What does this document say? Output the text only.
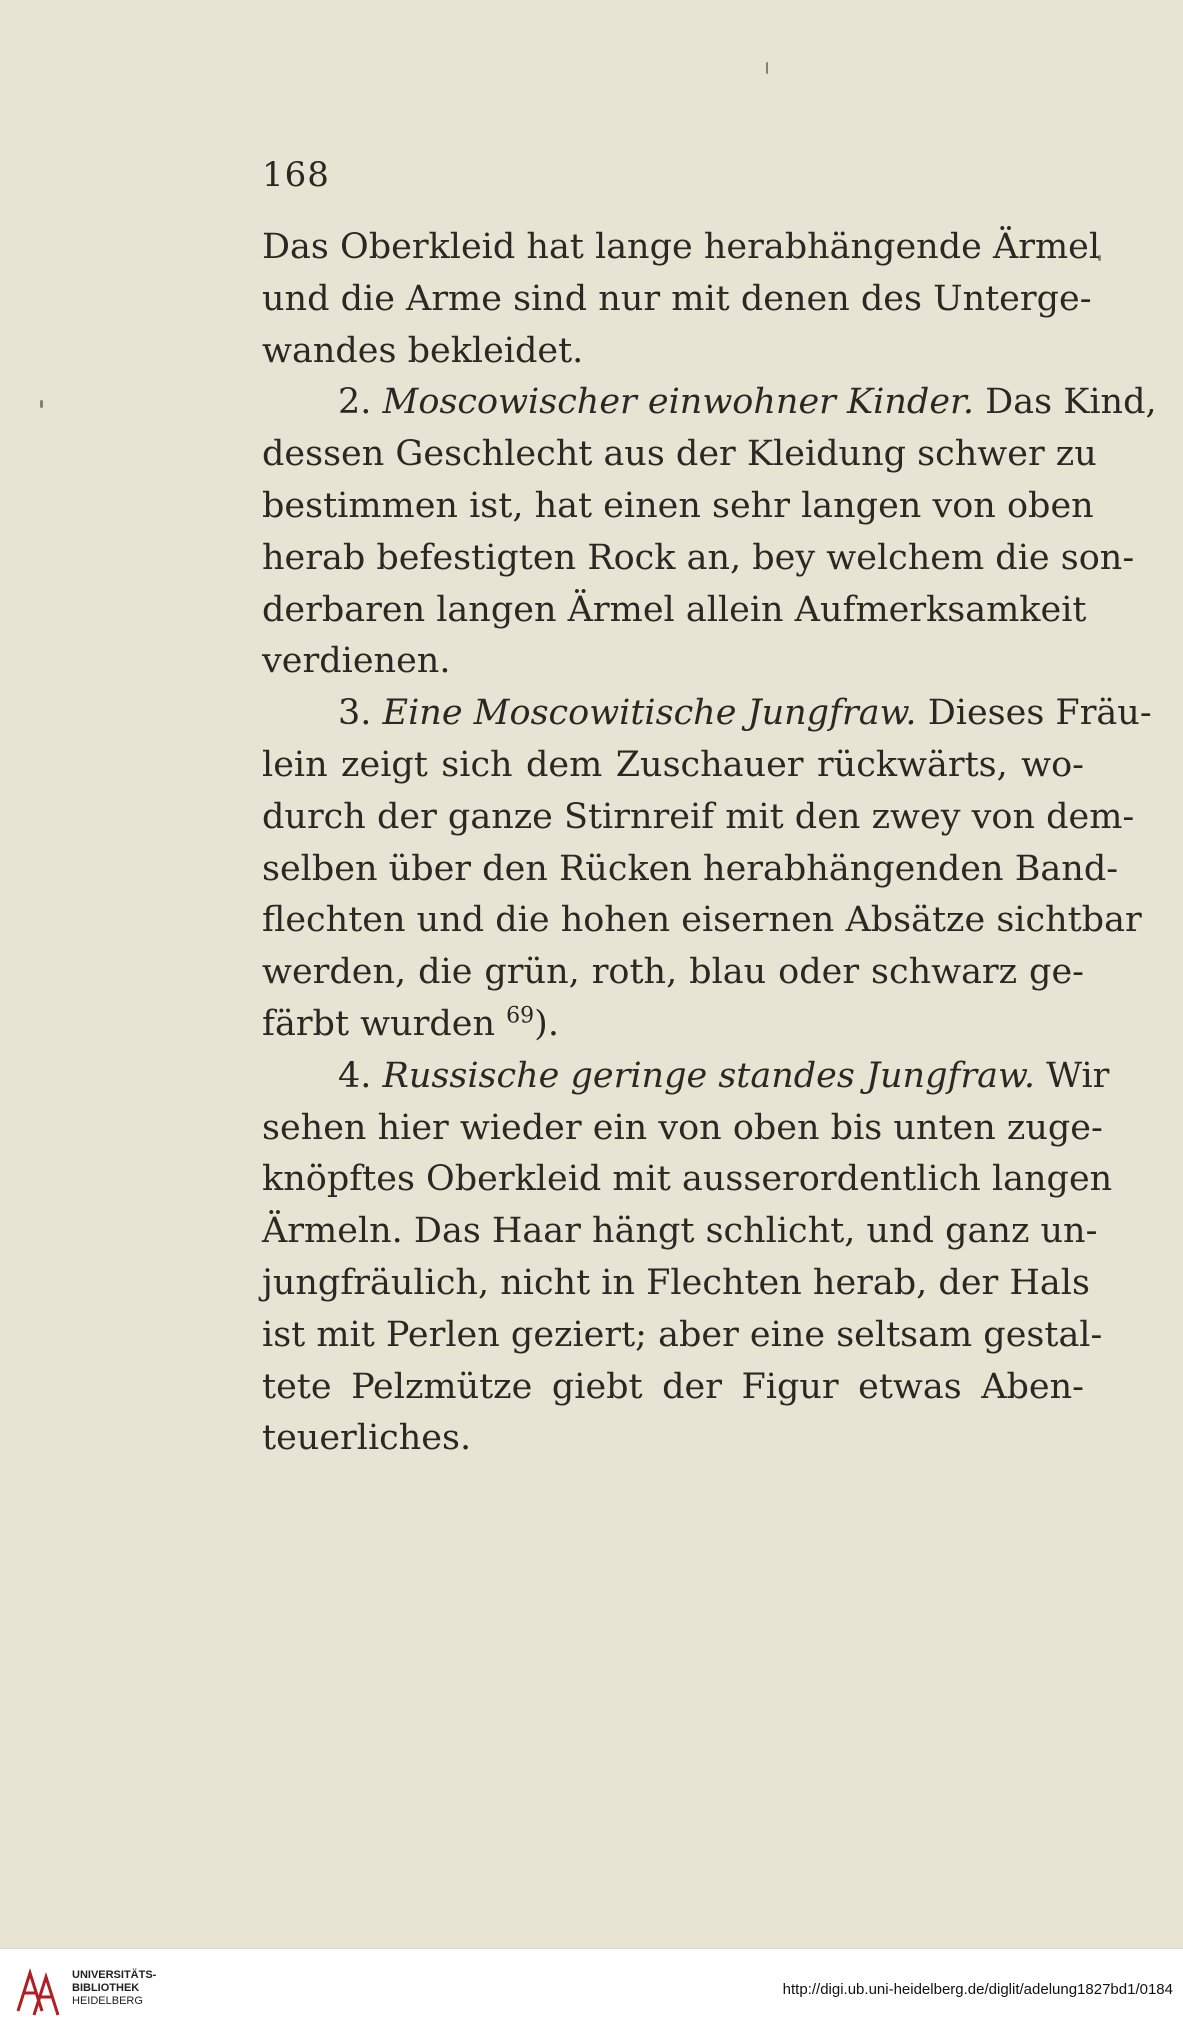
168
Das Oberkleid hat lange herabhängende Ärmel
und die Arme sind nur mit denen des Unterge-
wandes bekleidet.
2. Moscowischer einwohner Kinder. Das Kind,
dessen Geschlecht aus der Kleidung schwer zu
bestimmen ist, hat einen sehr langen von oben
herab befestigten Rock an, bey welchem die son-
derbaren langen Ärmel allein Aufmerksamkeit
verdienen.
3. Eine Moscowitische Jungfraw. Dieses Fräu-
lein zeigt sich dem Zuschauer rückwärts, wo-
durch der ganze Stirnreif mit den zwey von dem-
selben über den Rücken herabhängenden Band-
flechten und die hohen eisernen Absätze sichtbar
werden, die grün, roth, blau oder schwarz ge-
färbt wurden $^{69}$).
4. Russische geringe standes Jungfraw. Wir
sehen hier wieder ein von oben bis unten zuge-
knöpftes Oberkleid mit ausserordentlich langen
Ärmeln. Das Haar hängt schlicht, und ganz un-
jungfräulich, nicht in Flechten herab, der Hals
ist mit Perlen geziert; aber eine seltsam gestal-
tete Pelzmütze giebt der Figur etwas Aben-
teuerliches.
UNIVERSITÄTS-
BIBLIOTHEK
HEIDELBERG
http://digi.ub.uni-heidelberg.de/diglit/adelung1827bd1/0184
